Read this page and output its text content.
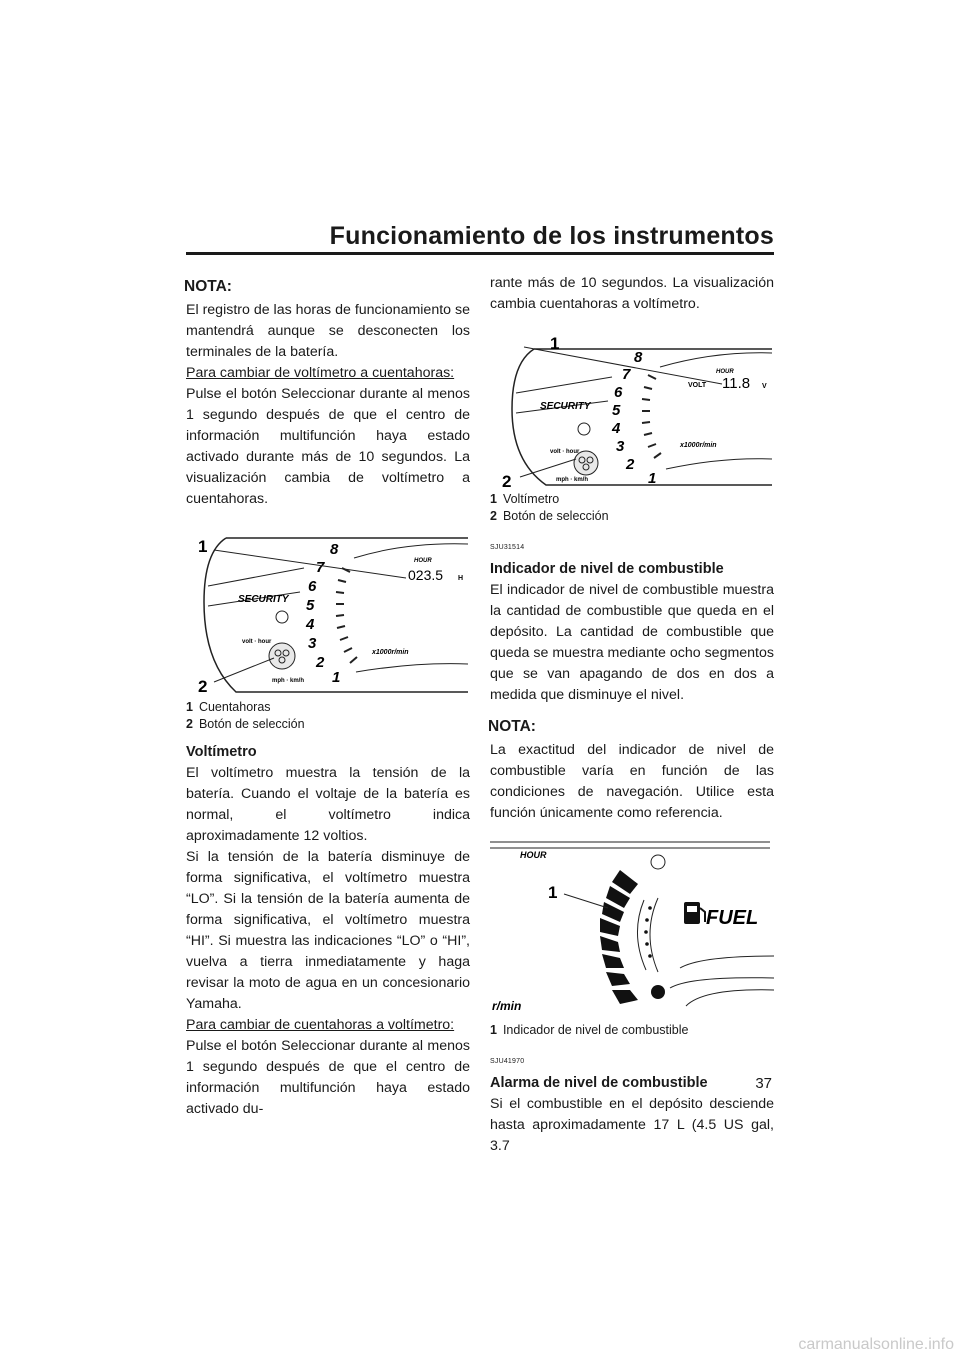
Funcionamiento de los instrumentos

NOTA:

El registro de las horas de funcionamiento se mantendrá aunque se desconecten los terminales de la batería.

Para cambiar de voltímetro a cuentahoras:

Pulse el botón Seleccionar durante al menos 1 segundo después de que el centro de información multifunción haya estado activado durante más de 10 segundos. La visualización cambia de voltímetro a cuentahoras.

SECURITY
volt · hour
mph · km/h 1
2
3
4
5
6
7
8
x1000r/min
HOUR
023.5 H
1
2
1 Cuentahoras
2 Botón de selección

Voltímetro

El voltímetro muestra la tensión de la batería. Cuando el voltaje de la batería es normal, el voltímetro indica aproximadamente 12 voltios.

Si la tensión de la batería disminuye de forma significativa, el voltímetro muestra “LO”. Si la tensión de la batería aumenta de forma significativa, el voltímetro muestra “HI”. Si muestra las indicaciones “LO” o “HI”, vuelva a tierra inmediatamente y haga revisar la moto de agua en un concesionario Yamaha.

Para cambiar de cuentahoras a voltímetro:

Pulse el botón Seleccionar durante al menos 1 segundo después de que el centro de información multifunción haya estado activado du-

rante más de 10 segundos. La visualización cambia cuentahoras a voltímetro.

SECURITY
volt · hour
mph · km/h	1
2
3
4
5
6
7
8
x1000r/min
HOUR
VOLT 11.8 V
1
2
1 Voltímetro
2 Botón de selección

SJU31514

Indicador de nivel de combustible

El indicador de nivel de combustible muestra la cantidad de combustible que queda en el depósito. La cantidad de combustible que queda se muestra mediante ocho segmentos que se van apagando de dos en dos a medida que disminuye el nivel.

NOTA:

La exactitud del indicador de nivel de combustible varía en función de las condiciones de navegación. Utilice esta función únicamente como referencia.

HOUR
FUEL
r/min
1
1 Indicador de nivel de combustible

SJU41970

Alarma de nivel de combustible

Si el combustible en el depósito desciende hasta aproximadamente 17 L (4.5 US gal, 3.7

37
carmanualsonline.info
